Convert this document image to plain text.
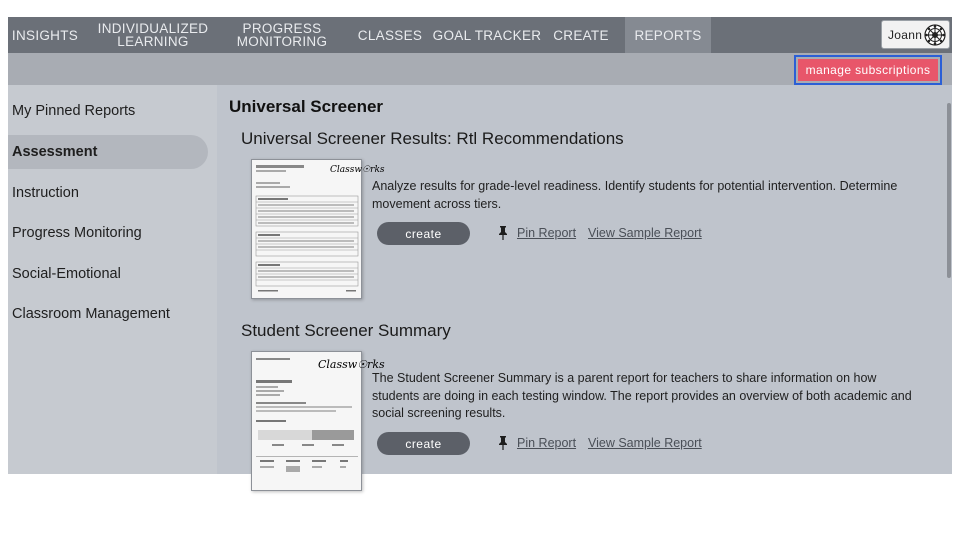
INSIGHTS INDIVIDUALIZED LEARNING
PROGRESS MONITORING	CLASSES GOAL TRACKER CREATE	REPORTS	Joann
manage subscriptions
My Pinned Reports
Assessment
Instruction
Progress Monitoring
Social-Emotional
Classroom Management
Universal Screener
Universal Screener Results: Rtl Recommendations
Classw☉rks
Analyze results for grade-level readiness. Identify students for potential intervention. Determine movement across tiers.
create	Pin Report View Sample Report
Student Screener Summary
Classw☉rks
The Student Screener Summary is a parent report for teachers to share information on how students are doing in each testing window. The report provides an overview of both academic and social screening results.
create	Pin Report View Sample Report
